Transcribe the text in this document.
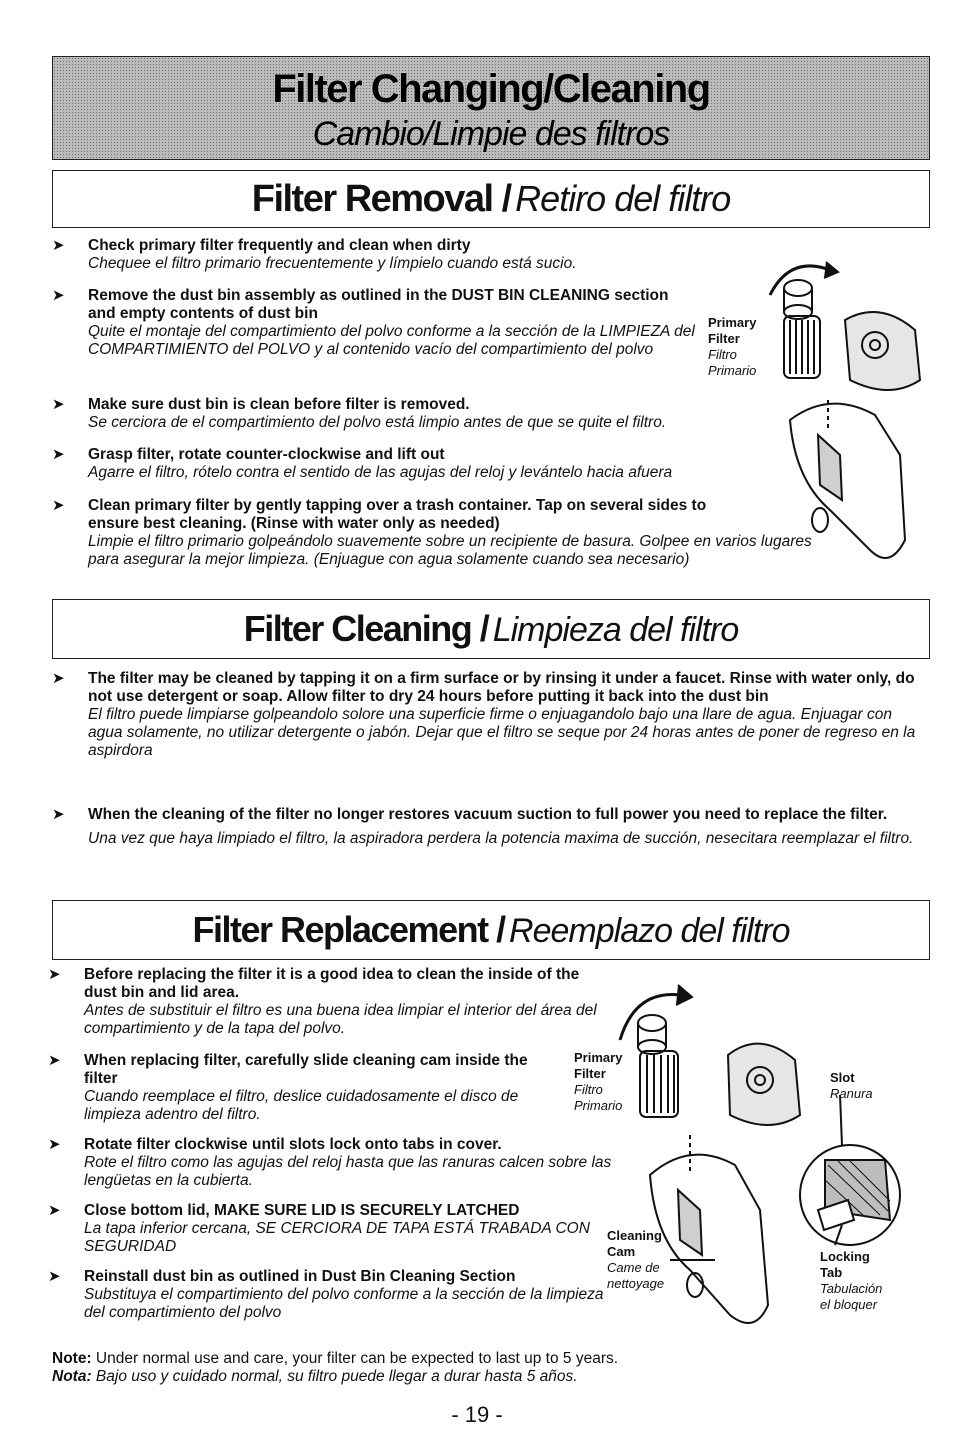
Filter Changing/Cleaning
Cambio/Limpie des filtros
Filter Removal / Retiro del filtro
➤ Check primary filter frequently and clean when dirty
Chequee el filtro primario frecuentemente y límpielo cuando está sucio.
➤ Remove the dust bin assembly as outlined in the DUST BIN CLEANING section and empty contents of dust bin
Quite el montaje del compartimiento del polvo conforme a la sección de la LIMPIEZA del COMPARTIMIENTO del POLVO y al contenido vacío del compartimiento del polvo
➤ Make sure dust bin is clean before filter is removed.
Se cerciora de el compartimiento del polvo está limpio antes de que se quite el filtro.
➤ Grasp filter, rotate counter-clockwise and lift out
Agarre el filtro, rótelo contra el sentido de las agujas del reloj y levántelo hacia afuera
➤ Clean primary filter by gently tapping over a trash container. Tap on several sides to ensure best cleaning. (Rinse with water only as needed)
Limpie el filtro primario golpeándolo suavemente sobre un recipiente de basura. Golpee en varios lugares para asegurar la mejor limpieza. (Enjuague con agua solamente cuando sea necesario)
Primary
Filter
Filtro
Primario
Filter Cleaning / Limpieza del filtro
➤ The filter may be cleaned by tapping it on a firm surface or by rinsing it under a faucet. Rinse with water only, do not use detergent or soap. Allow filter to dry 24 hours before putting it back into the dust bin
El filtro puede limpiarse golpeandolo solore una superficie firme o enjuagandolo bajo una llare de agua. Enjuagar con agua solamente, no utilizar detergente o jabón. Dejar que el filtro se seque por 24 horas antes de poner de regreso en la aspirdora
➤ When the cleaning of the filter no longer restores vacuum suction to full power you need to replace the filter.
Una vez que haya limpiado el filtro, la aspiradora perdera la potencia maxima de succión, nesecitara reemplazar el filtro.
Filter Replacement / Reemplazo del filtro
➤ Before replacing the filter it is a good idea to clean the inside of the dust bin and lid area.
Antes de substituir el filtro es una buena idea limpiar el interior del área del compartimiento y de la tapa del polvo.
➤ When replacing filter, carefully slide cleaning cam inside the filter
Cuando reemplace el filtro, deslice cuidadosamente el disco de limpieza adentro del filtro.
➤ Rotate filter clockwise until slots lock onto tabs in cover.
Rote el filtro como las agujas del reloj hasta que las ranuras calcen sobre las lengüetas en la cubierta.
➤ Close bottom lid, MAKE SURE LID IS SECURELY LATCHED
La tapa inferior cercana, SE CERCIORA DE TAPA ESTÁ TRABADA CON SEGURIDAD
➤ Reinstall dust bin as outlined in Dust Bin Cleaning Section
Substituya el compartimiento del polvo conforme a la sección de la limpieza del compartimiento del polvo
Primary
Filter
Filtro
Primario
Slot
Ranura
Cleaning
Cam
Came de
nettoyage
Locking
Tab
Tabulación
el bloquer
Note: Under normal use and care, your filter can be expected to last up to 5 years.
Nota: Bajo uso y cuidado normal, su filtro puede llegar a durar hasta 5 años.
- 19 -
